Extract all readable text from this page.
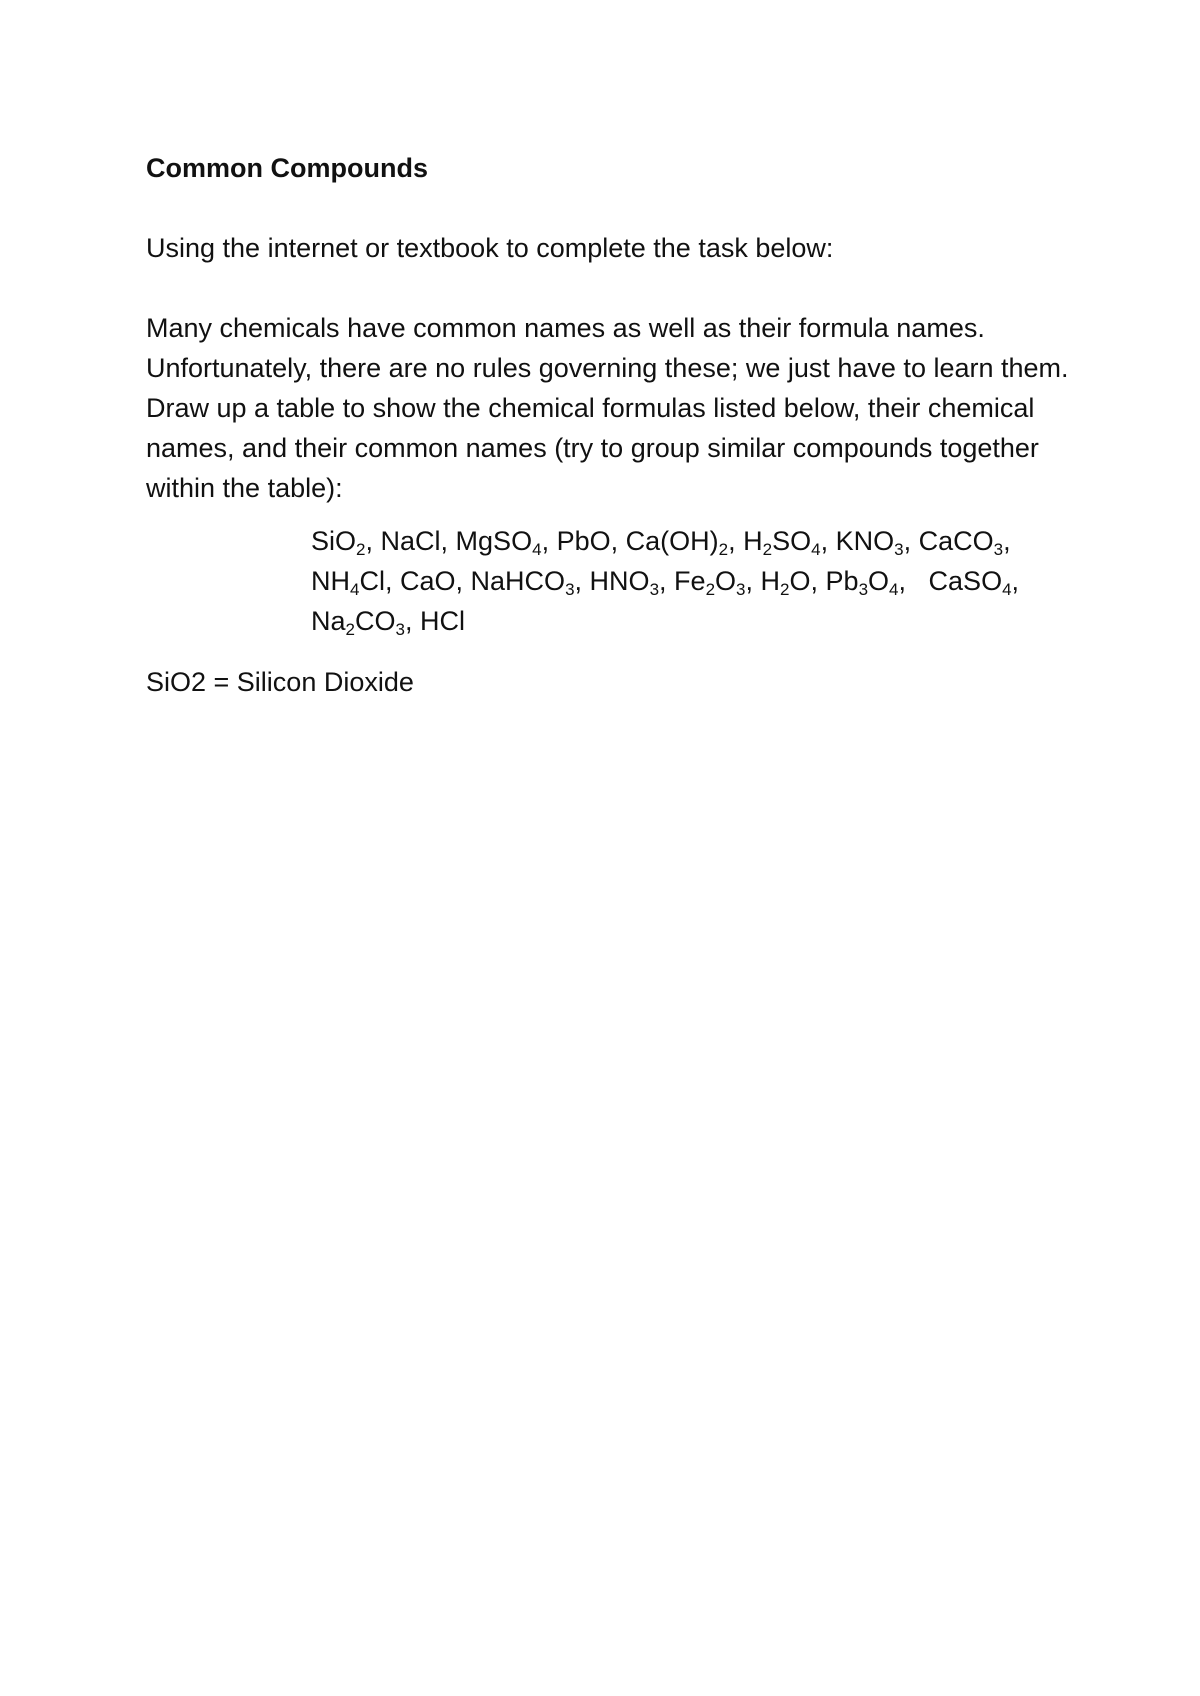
Common Compounds

Using the internet or textbook to complete the task below:

Many chemicals have common names as well as their formula names. Unfortunately, there are no rules governing these; we just have to learn them. Draw up a table to show the chemical formulas listed below, their chemical names, and their common names (try to group similar compounds together within the table):

SiO$_2$, NaCl, MgSO$_4$, PbO, $Ca(OH)_2$, $H_2SO_4$, $KNO_3$, CaCO$_3$,
$NH_4Cl$, CaO, NaHCO$_3$, $HNO_3$, $Fe_2O_3$, $H_2O$, $Pb_3O_4$,   CaSO$_4$,
$Na_2CO_3$, HCl

SiO2 = Silicon Dioxide
